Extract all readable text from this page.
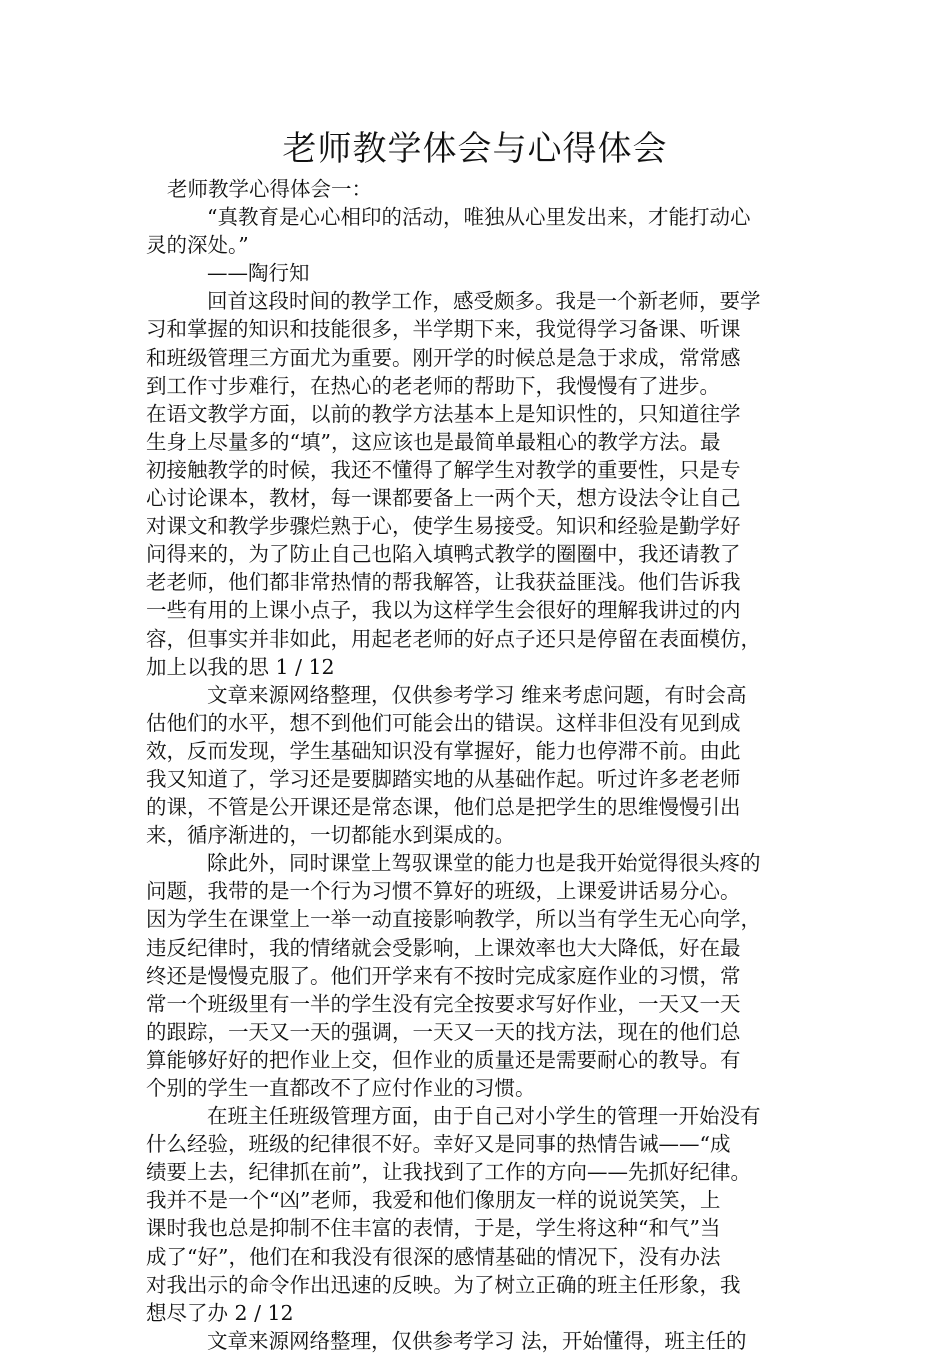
老师教学体会与心得体会
老师教学心得体会一：
“真教育是心心相印的活动，唯独从心里发出来，才能打动心
灵的深处。”
——陶行知
回首这段时间的教学工作，感受颇多。我是一个新老师，要学
习和掌握的知识和技能很多，半学期下来，我觉得学习备课、听课
和班级管理三方面尤为重要。刚开学的时候总是急于求成，常常感
到工作寸步难行，在热心的老老师的帮助下，我慢慢有了进步。
在语文教学方面，以前的教学方法基本上是知识性的，只知道往学
生身上尽量多的“填”，这应该也是最简单最粗心的教学方法。最
初接触教学的时候，我还不懂得了解学生对教学的重要性，只是专
心讨论课本，教材，每一课都要备上一两个天，想方设法令让自己
对课文和教学步骤烂熟于心，使学生易接受。知识和经验是勤学好
问得来的，为了防止自己也陷入填鸭式教学的圈圈中，我还请教了
老老师，他们都非常热情的帮我解答，让我获益匪浅。他们告诉我
一些有用的上课小点子，我以为这样学生会很好的理解我讲过的内
容，但事实并非如此，用起老老师的好点子还只是停留在表面模仿，
加上以我的思 1 / 12
文章来源网络整理，仅供参考学习 维来考虑问题，有时会高
估他们的水平，想不到他们可能会出的错误。这样非但没有见到成
效，反而发现，学生基础知识没有掌握好，能力也停滞不前。由此
我又知道了，学习还是要脚踏实地的从基础作起。听过许多老老师
的课，不管是公开课还是常态课，他们总是把学生的思维慢慢引出
来，循序渐进的，一切都能水到渠成的。
除此外，同时课堂上驾驭课堂的能力也是我开始觉得很头疼的
问题，我带的是一个行为习惯不算好的班级，上课爱讲话易分心。
因为学生在课堂上一举一动直接影响教学，所以当有学生无心向学，
违反纪律时，我的情绪就会受影响，上课效率也大大降低，好在最
终还是慢慢克服了。他们开学来有不按时完成家庭作业的习惯，常
常一个班级里有一半的学生没有完全按要求写好作业，一天又一天
的跟踪，一天又一天的强调，一天又一天的找方法，现在的他们总
算能够好好的把作业上交，但作业的质量还是需要耐心的教导。有
个别的学生一直都改不了应付作业的习惯。
在班主任班级管理方面，由于自己对小学生的管理一开始没有
什么经验，班级的纪律很不好。幸好又是同事的热情告诫——“成
绩要上去，纪律抓在前”，让我找到了工作的方向——先抓好纪律。
我并不是一个“凶”老师，我爱和他们像朋友一样的说说笑笑，上
课时我也总是抑制不住丰富的表情，于是，学生将这种“和气”当
成了“好”，他们在和我没有很深的感情基础的情况下，没有办法
对我出示的命令作出迅速的反映。为了树立正确的班主任形象，我
想尽了办 2 / 12
文章来源网络整理，仅供参考学习 法，开始懂得，班主任的
